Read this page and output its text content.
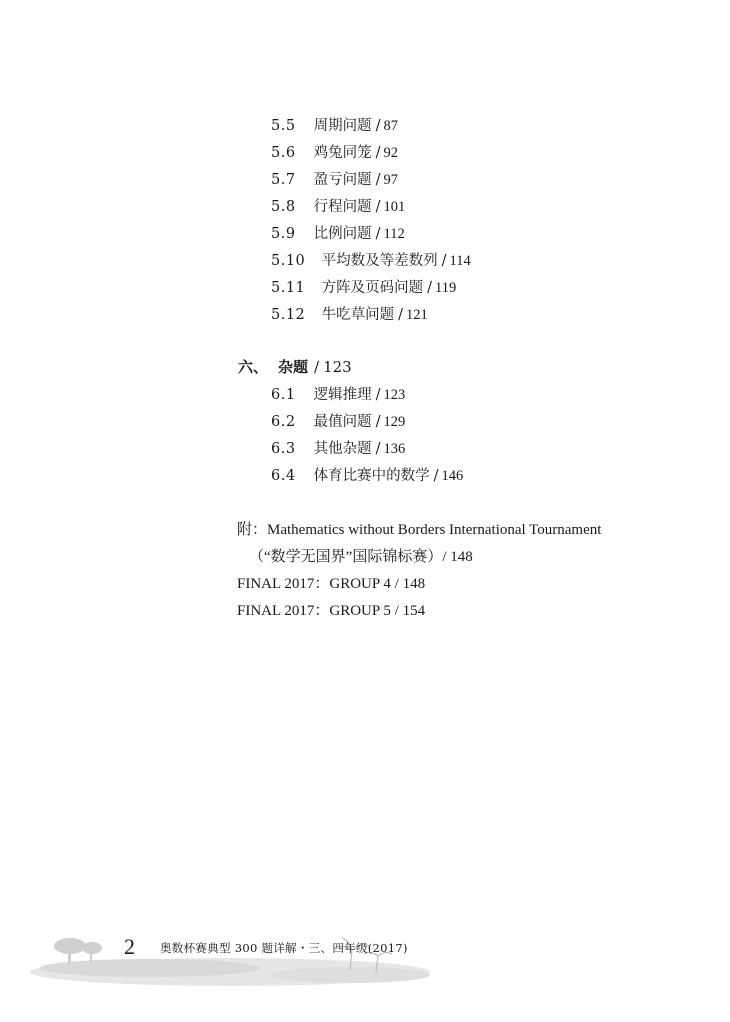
5.5 周期问题 / 87
5.6 鸡兔同笼 / 92
5.7 盈亏问题 / 97
5.8 行程问题 / 101
5.9 比例问题 / 112
5.10 平均数及等差数列 / 114
5.11 方阵及页码问题 / 119
5.12 牛吃草问题 / 121
六、 杂题 / 123
6.1 逻辑推理 / 123
6.2 最值问题 / 129
6.3 其他杂题 / 136
6.4 体育比赛中的数学 / 146
附：Mathematics without Borders International Tournament
（“数学无国界”国际锦标赛）/ 148
FINAL 2017：GROUP 4 / 148
FINAL 2017：GROUP 5 / 154
2 奥数杯赛典型 300 题详解・三、四年级(2017)
